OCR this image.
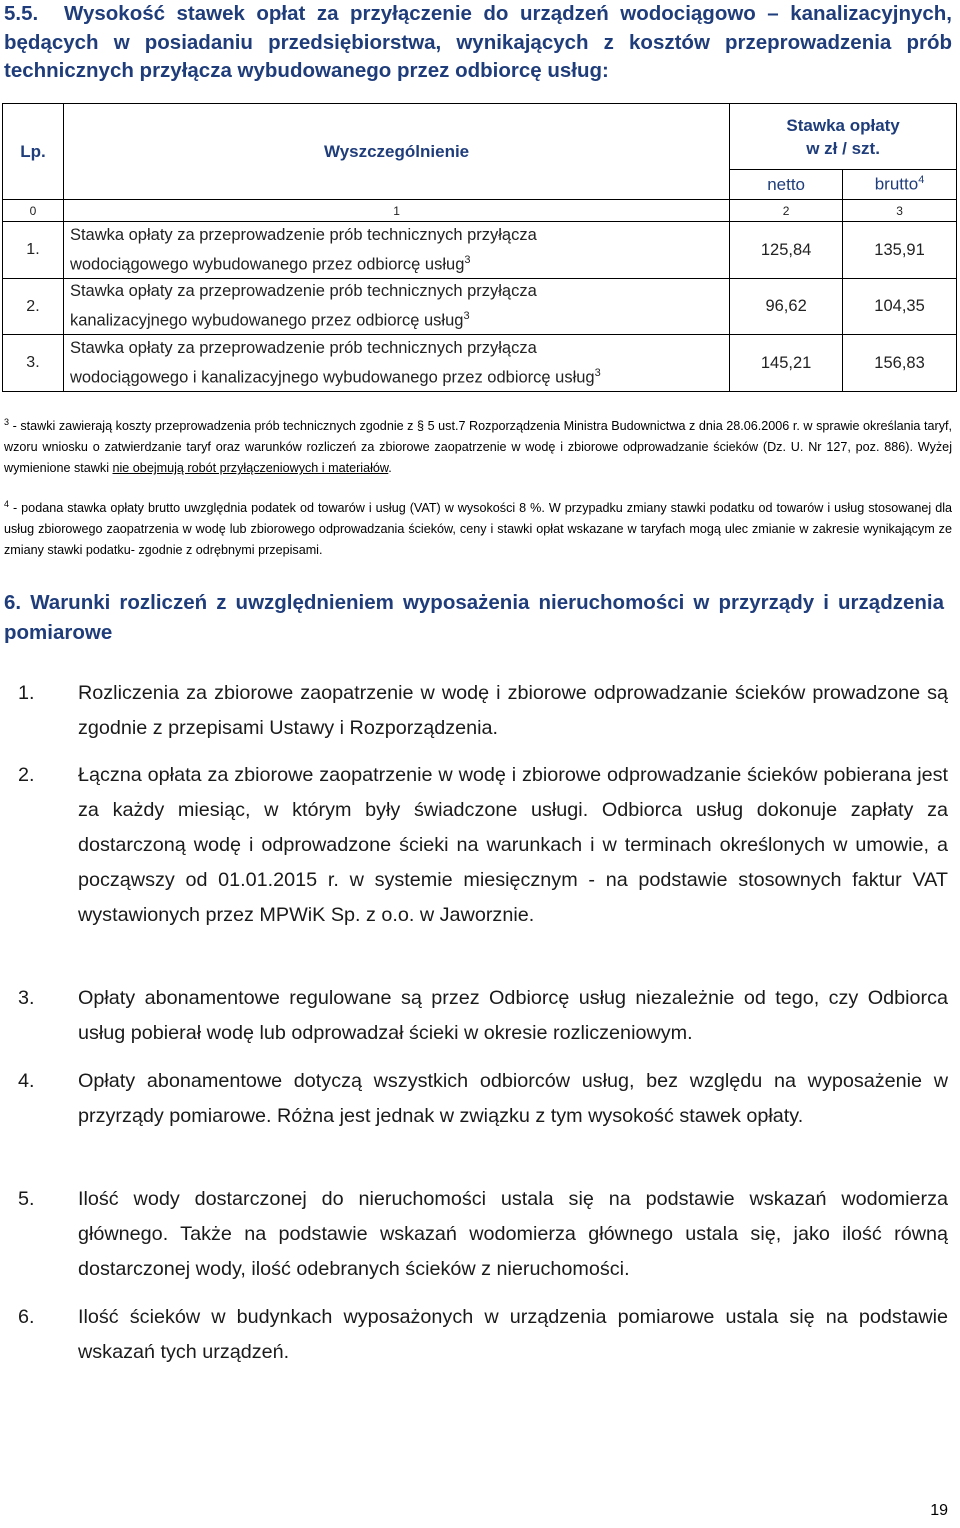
5.5. Wysokość stawek opłat za przyłączenie do urządzeń wodociągowo – kanalizacyjnych, będących w posiadaniu przedsiębiorstwa, wynikających z kosztów przeprowadzenia prób technicznych przyłącza wybudowanego przez odbiorcę usług:
Lp.	Wyszczególnienie	Stawka opłaty
w zł / szt.	

		netto	brutto$^4$
0	1	2	3
1.	Stawka opłaty za przeprowadzenie prób technicznych przyłącza
wodociągowego wybudowanego przez odbiorcę usług$^3$	125,84	135,91
2.	Stawka opłaty za przeprowadzenie prób technicznych przyłącza
kanalizacyjnego wybudowanego przez odbiorcę usług$^3$	96,62	104,35
3.	Stawka opłaty za przeprowadzenie prób technicznych przyłącza
wodociągowego i kanalizacyjnego wybudowanego przez odbiorcę usług$^3$	145,21	156,83
$^3$ - stawki zawierają koszty przeprowadzenia prób technicznych zgodnie z § 5 ust.7 Rozporządzenia Ministra Budownictwa z dnia 28.06.2006 r. w sprawie określania taryf, wzoru wniosku o zatwierdzanie taryf oraz warunków rozliczeń za zbiorowe zaopatrzenie w wodę i zbiorowe odprowadzanie ścieków (Dz. U. Nr 127, poz. 886). Wyżej wymienione stawki nie obejmują robót przyłączeniowych i materiałów.
$^4$ - podana stawka opłaty brutto uwzględnia podatek od towarów i usług (VAT) w wysokości 8 %. W przypadku zmiany stawki podatku od towarów i usług stosowanej dla usług zbiorowego zaopatrzenia w wodę lub zbiorowego odprowadzania ścieków, ceny i stawki opłat wskazane w taryfach mogą ulec zmianie w zakresie wynikającym ze zmiany stawki podatku- zgodnie z odrębnymi przepisami.
6. Warunki rozliczeń z uwzględnieniem wyposażenia nieruchomości w przyrządy i urządzenia pomiarowe
1.	Rozliczenia za zbiorowe zaopatrzenie w wodę i zbiorowe odprowadzanie ścieków prowadzone są zgodnie z przepisami Ustawy i Rozporządzenia.
2.	Łączna opłata za zbiorowe zaopatrzenie w wodę i zbiorowe odprowadzanie ścieków pobierana jest za każdy miesiąc, w którym były świadczone usługi. Odbiorca usług dokonuje zapłaty za dostarczoną wodę i odprowadzone ścieki na warunkach i w terminach określonych w umowie, a począwszy od 01.01.2015 r. w systemie miesięcznym - na podstawie stosownych faktur VAT wystawionych przez MPWiK Sp. z o.o. w Jaworznie.
3.	Opłaty abonamentowe regulowane są przez Odbiorcę usług niezależnie od tego, czy Odbiorca usług pobierał wodę lub odprowadzał ścieki w okresie rozliczeniowym.
4.	Opłaty abonamentowe dotyczą wszystkich odbiorców usług, bez względu na wyposażenie w przyrządy pomiarowe. Różna jest jednak w związku z tym wysokość stawek opłaty.
5.	Ilość wody dostarczonej do nieruchomości ustala się na podstawie wskazań wodomierza głównego. Także na podstawie wskazań wodomierza głównego ustala się, jako ilość równą dostarczonej wody, ilość odebranych ścieków z nieruchomości.
6.	Ilość ścieków w budynkach wyposażonych w urządzenia pomiarowe ustala się na podstawie wskazań tych urządzeń.
19
